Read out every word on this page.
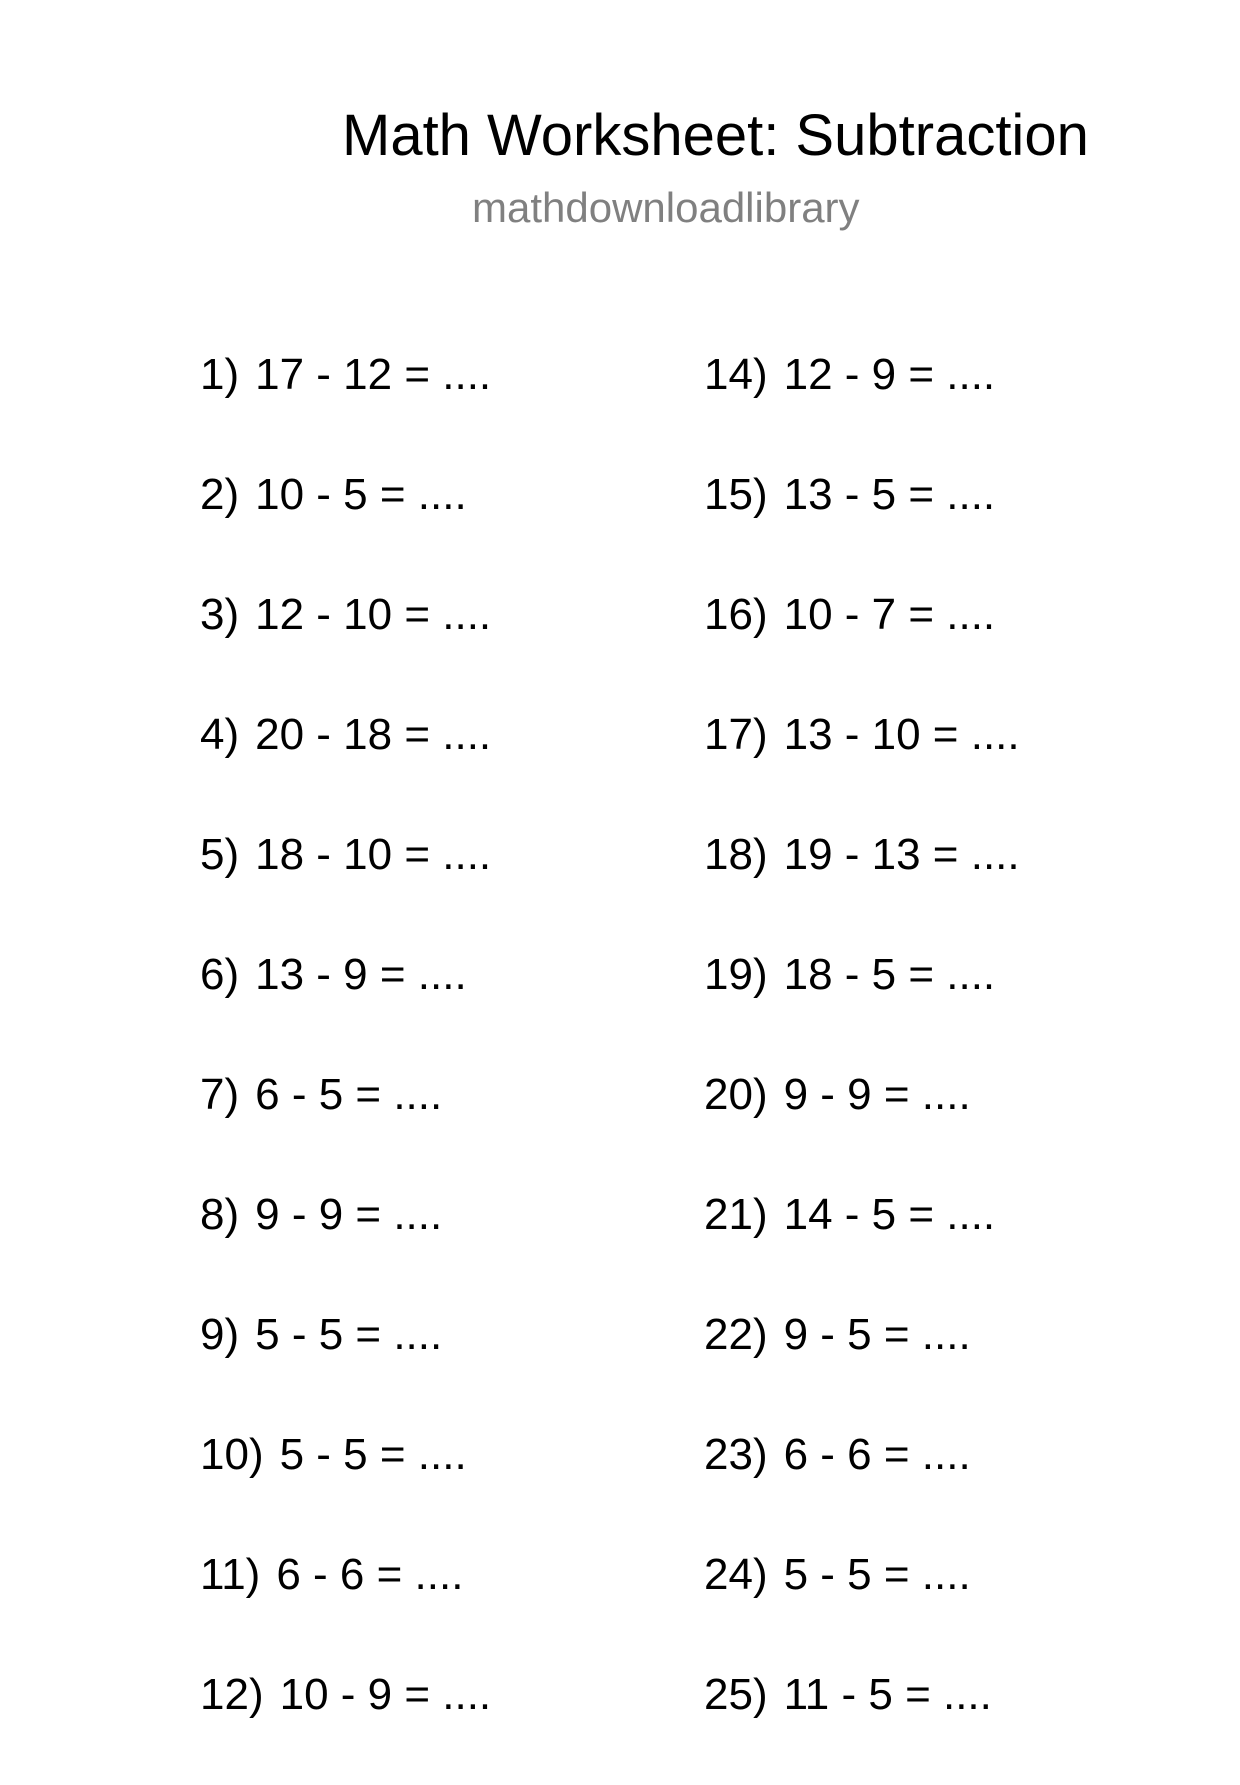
Math Worksheet: Subtraction
mathdownloadlibrary
1) 17 - 12 = ....
2) 10 - 5 = ....
3) 12 - 10 = ....
4) 20 - 18 = ....
5) 18 - 10 = ....
6) 13 - 9 = ....
7) 6 - 5 = ....
8) 9 - 9 = ....
9) 5 - 5 = ....
10) 5 - 5 = ....
11) 6 - 6 = ....
12) 10 - 9 = ....
14) 12 - 9 = ....
15) 13 - 5 = ....
16) 10 - 7 = ....
17) 13 - 10 = ....
18) 19 - 13 = ....
19) 18 - 5 = ....
20) 9 - 9 = ....
21) 14 - 5 = ....
22) 9 - 5 = ....
23) 6 - 6 = ....
24) 5 - 5 = ....
25) 11 - 5 = ....
